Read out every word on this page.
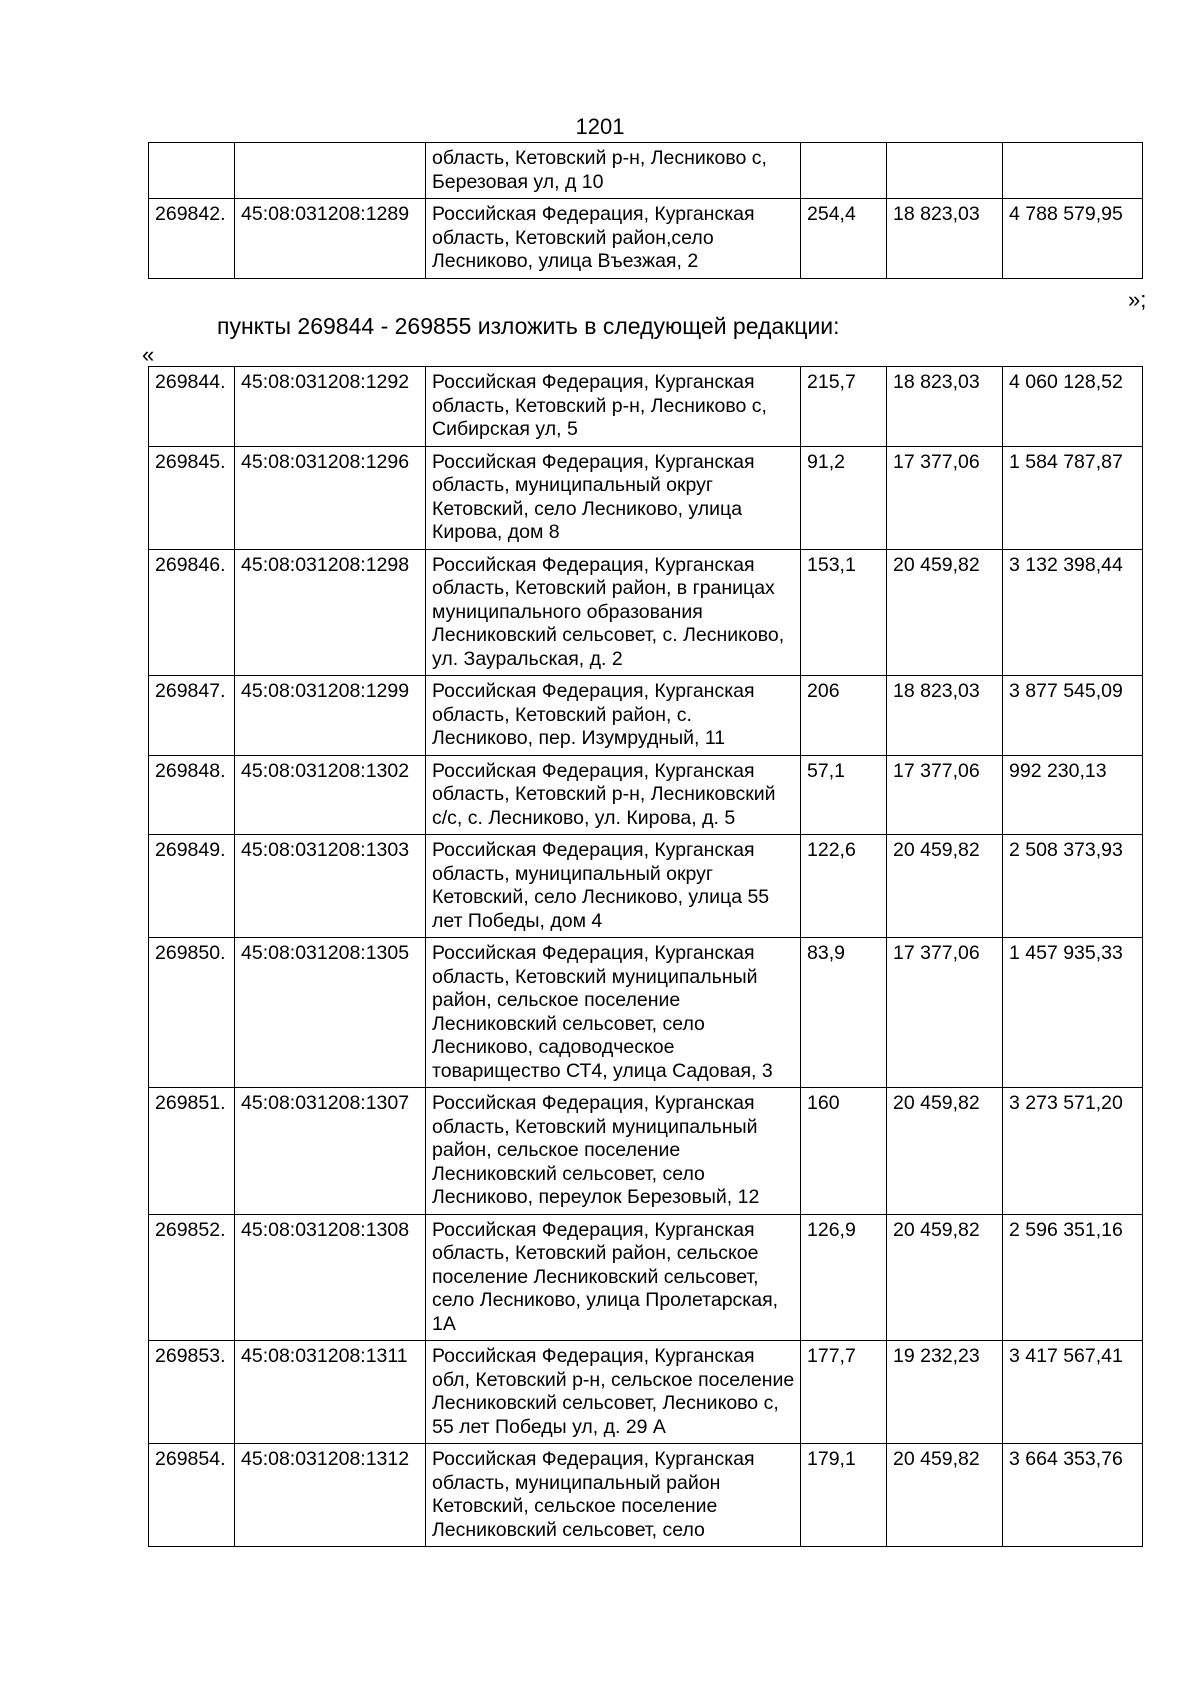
1201
		область, Кетовский р-н, Лесниково с, Березовая ул, д 10			
269842.	45:08:031208:1289	Российская Федерация, Курганская область, Кетовский район,село Лесниково, улица Въезжая, 2	254,4	18 823,03	4 788 579,95
»;
пункты 269844 - 269855 изложить в следующей редакции:
«
269844.	45:08:031208:1292	Российская Федерация, Курганская область, Кетовский р-н, Лесниково с, Сибирская ул, 5	215,7	18 823,03	4 060 128,52
269845.	45:08:031208:1296	Российская Федерация, Курганская область, муниципальный округ Кетовский, село Лесниково, улица Кирова, дом 8	91,2	17 377,06	1 584 787,87
269846.	45:08:031208:1298	Российская Федерация, Курганская область, Кетовский район, в границах муниципального образования Лесниковский сельсовет, с. Лесниково, ул. Зауральская, д. 2	153,1	20 459,82	3 132 398,44
269847.	45:08:031208:1299	Российская Федерация, Курганская область, Кетовский район, с. Лесниково, пер. Изумрудный, 11	206	18 823,03	3 877 545,09
269848.	45:08:031208:1302	Российская Федерация, Курганская область, Кетовский р-н, Лесниковский с/с, с. Лесниково, ул. Кирова, д. 5	57,1	17 377,06	992 230,13
269849.	45:08:031208:1303	Российская Федерация, Курганская область, муниципальный округ Кетовский, село Лесниково, улица 55 лет Победы, дом 4	122,6	20 459,82	2 508 373,93
269850.	45:08:031208:1305	Российская Федерация, Курганская область, Кетовский муниципальный район, сельское поселение Лесниковский сельсовет, село Лесниково, садоводческое товарищество СТ4, улица Садовая, 3	83,9	17 377,06	1 457 935,33
269851.	45:08:031208:1307	Российская Федерация, Курганская область, Кетовский муниципальный район, сельское поселение Лесниковский сельсовет, село Лесниково, переулок Березовый, 12	160	20 459,82	3 273 571,20
269852.	45:08:031208:1308	Российская Федерация, Курганская область, Кетовский район, сельское поселение Лесниковский сельсовет, село Лесниково, улица Пролетарская, 1А	126,9	20 459,82	2 596 351,16
269853.	45:08:031208:1311	Российская Федерация, Курганская обл, Кетовский р-н, сельское поселение Лесниковский сельсовет, Лесниково с, 55 лет Победы ул, д. 29 А	177,7	19 232,23	3 417 567,41
269854.	45:08:031208:1312	Российская Федерация, Курганская область, муниципальный район Кетовский, сельское поселение Лесниковский сельсовет, село	179,1	20 459,82	3 664 353,76
